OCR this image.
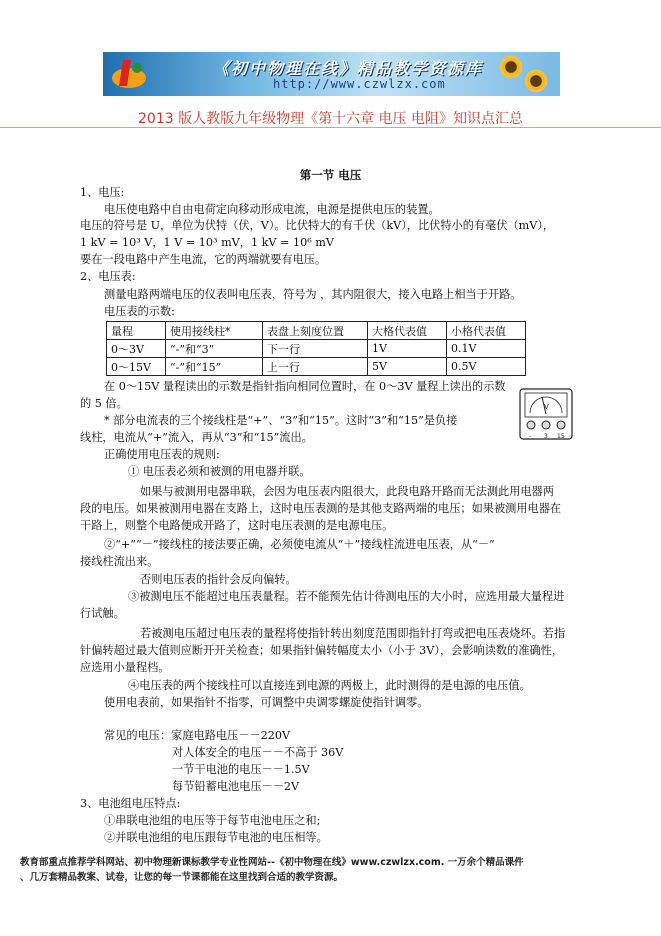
《初中物理在线》精品教学资源库
http://www.czwlzx.com
2013 版人教版九年级物理《第十六章 电压 电阻》知识点汇总
第一节 电压
1、电压:
电压使电路中自由电荷定向移动形成电流，电源是提供电压的装置。
电压的符号是 U，单位为伏特（伏，V）。比伏特大的有千伏（kV），比伏特小的有毫伏（mV），
1 kV = 10³ V，1 V = 10³ mV，1 kV = 10⁶ mV
要在一段电路中产生电流，它的两端就要有电压。
2、电压表:
测量电路两端电压的仪表叫电压表，符号为 ，其内阻很大，接入电路上相当于开路。
电压表的示数:
量程	使用接线柱*	表盘上刻度位置	大格代表值	小格代表值
0～3V	“-”和“3”	下一行	1V	0.1V
0～15V	“-”和“15”	上一行	5V	0.5V
在 0～15V 量程读出的示数是指针指向相同位置时，在 0～3V 量程上读出的示数
的 5 倍。
* 部分电流表的三个接线柱是“+”、“3”和“15”。这时“3”和“15”是负接
线柱，电流从“+”流入，再从“3”和“15”流出。
正确使用电压表的规则:
V
- 3 15
① 电压表必须和被测的用电器并联。
如果与被测用电器串联，会因为电压表内阻很大，此段电路开路而无法测此用电器两
段的电压。如果被测用电器在支路上，这时电压表测的是其他支路两端的电压；如果被测用电器在
干路上，则整个电路便成开路了，这时电压表测的是电源电压。
②“+”“－”接线柱的接法要正确，必须使电流从“＋”接线柱流进电压表，从“－”
接线柱流出来。
否则电压表的指针会反向偏转。
③被测电压不能超过电压表量程。若不能预先估计待测电压的大小时，应选用最大量程进
行试触。
若被测电压超过电压表的量程将使指针转出刻度范围即指针打弯或把电压表烧坏。若指
针偏转超过最大值则应断开开关检查；如果指针偏转幅度太小（小于 3V），会影响读数的准确性，
应选用小量程档。
④电压表的两个接线柱可以直接连到电源的两极上，此时测得的是电源的电压值。
使用电表前，如果指针不指零，可调整中央调零螺旋使指针调零。
常见的电压：家庭电路电压－－220V
对人体安全的电压－－不高于 36V
一节干电池的电压－－1.5V
每节铅蓄电池电压－－2V
3、电池组电压特点:
①串联电池组的电压等于每节电池电压之和;
②并联电池组的电压跟每节电池的电压相等。
教育部重点推荐学科网站、初中物理新课标教学专业性网站--《初中物理在线》www.czwlzx.com. 一万余个精品课件
、几万套精品教案、试卷，让您的每一节课都能在这里找到合适的教学资源。
